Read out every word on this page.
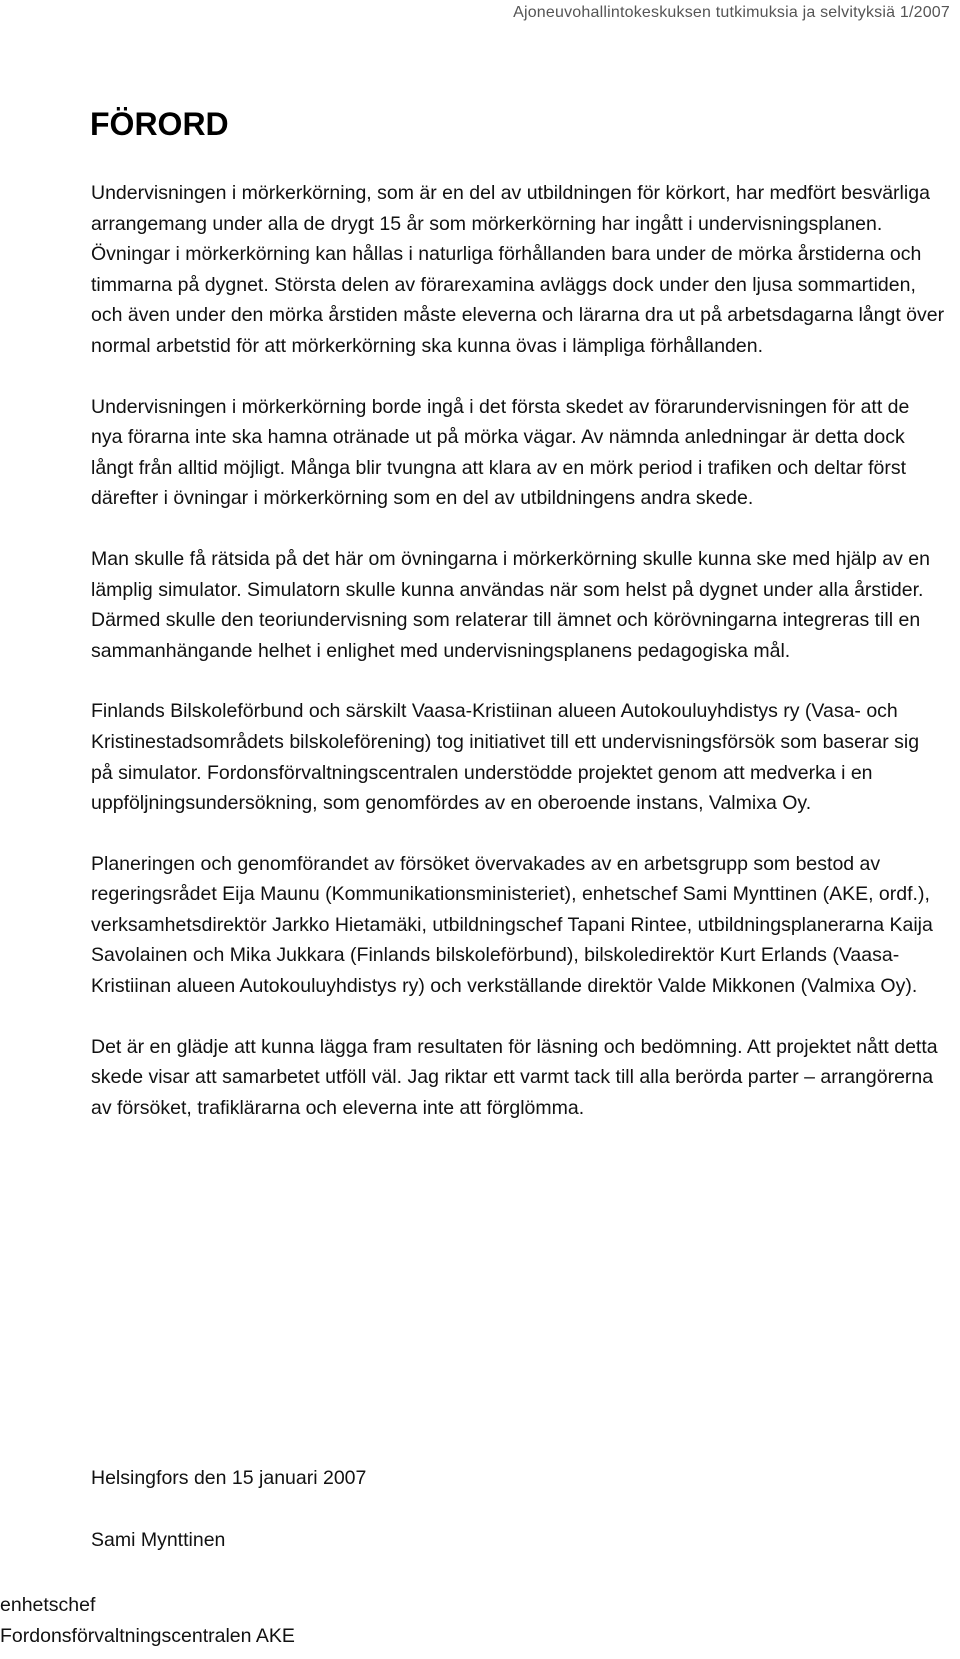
Ajoneuvohallintokeskuksen tutkimuksia ja selvityksiä 1/2007
FÖRORD

Undervisningen i mörkerkörning, som är en del av utbildningen för körkort, har medfört besvärliga arrangemang under alla de drygt 15 år som mörkerkörning har ingått i undervisningsplanen. Övningar i mörkerkörning kan hållas i naturliga förhållanden bara under de mörka årstiderna och timmarna på dygnet. Största delen av förarexamina avläggs dock under den ljusa sommartiden, och även under den mörka årstiden måste eleverna och lärarna dra ut på arbetsdagarna långt över normal arbetstid för att mörkerkörning ska kunna övas i lämpliga förhållanden.

Undervisningen i mörkerkörning borde ingå i det första skedet av förarundervisningen för att de nya förarna inte ska hamna otränade ut på mörka vägar. Av nämnda anledningar är detta dock långt från alltid möjligt. Många blir tvungna att klara av en mörk period i trafiken och deltar först därefter i övningar i mörkerkörning som en del av utbildningens andra skede.

Man skulle få rätsida på det här om övningarna i mörkerkörning skulle kunna ske med hjälp av en lämplig simulator. Simulatorn skulle kunna användas när som helst på dygnet under alla årstider. Därmed skulle den teoriundervisning som relaterar till ämnet och körövningarna integreras till en sammanhängande helhet i enlighet med undervisningsplanens pedagogiska mål.

Finlands Bilskoleförbund och särskilt Vaasa-Kristiinan alueen Autokouluyhdistys ry (Vasa- och Kristinestadsområdets bilskoleförening) tog initiativet till ett undervisningsförsök som baserar sig på simulator. Fordonsförvaltningscentralen understödde projektet genom att medverka i en uppföljningsundersökning, som genomfördes av en oberoende instans, Valmixa Oy.

Planeringen och genomförandet av försöket övervakades av en arbetsgrupp som bestod av regeringsrådet Eija Maunu (Kommunikationsministeriet), enhetschef Sami Mynttinen (AKE, ordf.), verksamhetsdirektör Jarkko Hietamäki, utbildningschef Tapani Rintee, utbildningsplanerarna Kaija Savolainen och Mika Jukkara (Finlands bilskoleförbund), bilskoledirektör Kurt Erlands (Vaasa-Kristiinan alueen Autokouluyhdistys ry) och verkställande direktör Valde Mikkonen (Valmixa Oy).

Det är en glädje att kunna lägga fram resultaten för läsning och bedömning. Att projektet nått detta skede visar att samarbetet utföll väl. Jag riktar ett varmt tack till alla berörda parter – arrangörerna av försöket, trafiklärarna och eleverna inte att förglömma.

Helsingfors den 15 januari 2007

Sami Mynttinen

enhetschef

Fordonsförvaltningscentralen AKE
